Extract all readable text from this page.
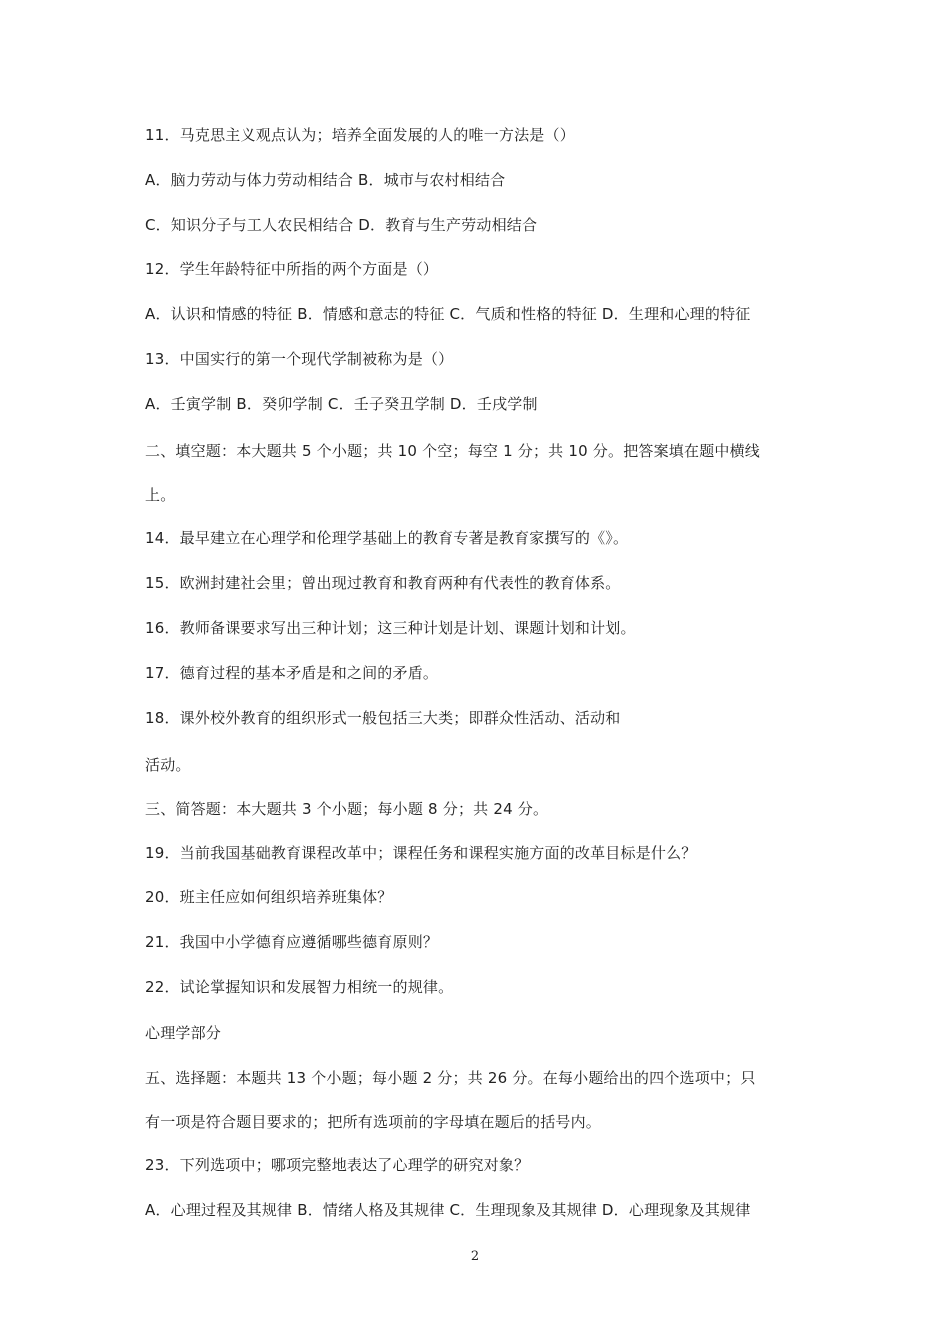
11．马克思主义观点认为；培养全面发展的人的唯一方法是（）
A．脑力劳动与体力劳动相结合 B．城市与农村相结合
C．知识分子与工人农民相结合 D．教育与生产劳动相结合
12．学生年龄特征中所指的两个方面是（）
A．认识和情感的特征 B．情感和意志的特征 C．气质和性格的特征 D．生理和心理的特征
13．中国实行的第一个现代学制被称为是（）
A．壬寅学制 B．癸卯学制 C．壬子癸丑学制 D．壬戌学制
二、填空题：本大题共 5 个小题；共 10 个空；每空 1 分；共 10 分。把答案填在题中横线
上。
14．最早建立在心理学和伦理学基础上的教育专著是教育家撰写的《》。
15．欧洲封建社会里；曾出现过教育和教育两种有代表性的教育体系。
16．教师备课要求写出三种计划；这三种计划是计划、课题计划和计划。
17．德育过程的基本矛盾是和之间的矛盾。
18．课外校外教育的组织形式一般包括三大类；即群众性活动、活动和
活动。
三、简答题：本大题共 3 个小题；每小题 8 分；共 24 分。
19．当前我国基础教育课程改革中；课程任务和课程实施方面的改革目标是什么？
20．班主任应如何组织培养班集体？
21．我国中小学德育应遵循哪些德育原则？
22．试论掌握知识和发展智力相统一的规律。
心理学部分
五、选择题：本题共 13 个小题；每小题 2 分；共 26 分。在每小题给出的四个选项中；只
有一项是符合题目要求的；把所有选项前的字母填在题后的括号内。
23．下列选项中；哪项完整地表达了心理学的研究对象？
A．心理过程及其规律 B．情绪人格及其规律 C．生理现象及其规律 D．心理现象及其规律
2
